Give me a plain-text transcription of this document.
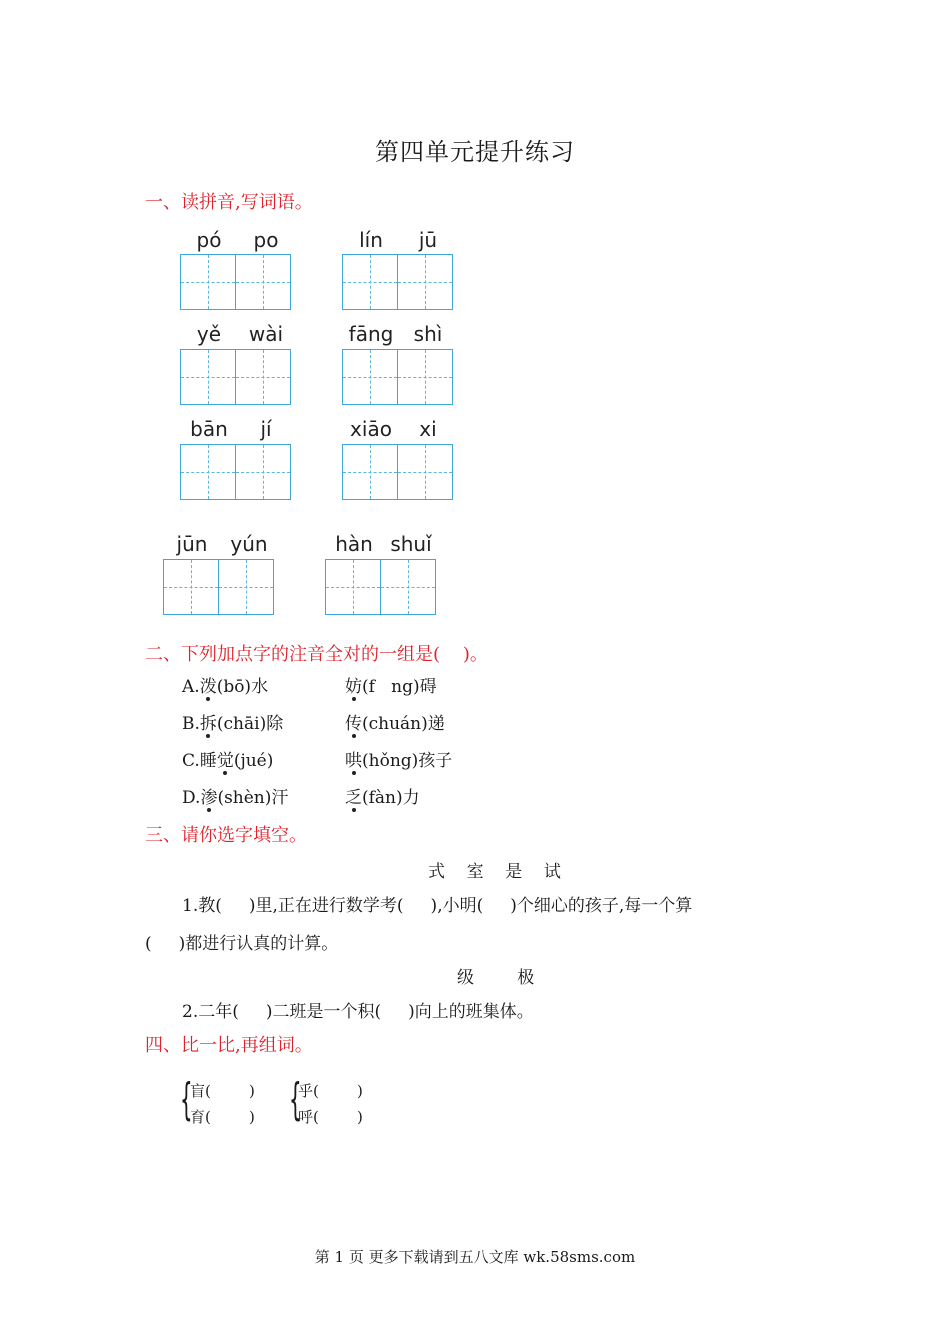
第四单元提升练习
一、读拼音,写词语。
pó	po	lín	jū
yě	wài	fāng	shì
bān	jí	xiāo	xi
jūn	yún	hàn shuǐ
二、下列加点字的注音全对的一组是(    )。
A.泼(bō)水	妨(f   ng)碍
B.拆(chāi)除	传(chuán)递
C.睡觉(jué)	哄(hǒng)孩子
D.渗(shèn)汗	乏(fàn)力
三、请你选字填空。
式    室    是    试
1.教(     )里,正在进行数学考(     ),小明(     )个细心的孩子,每一个算
(     )都进行认真的计算。
级        极
2.二年(     )二班是一个积(     )向上的班集体。
四、比一比,再组词。
{
盲(        )
育(        ) {
乎(        )
呼(        )
第 1 页 更多下载请到五八文库 wk.58sms.com
